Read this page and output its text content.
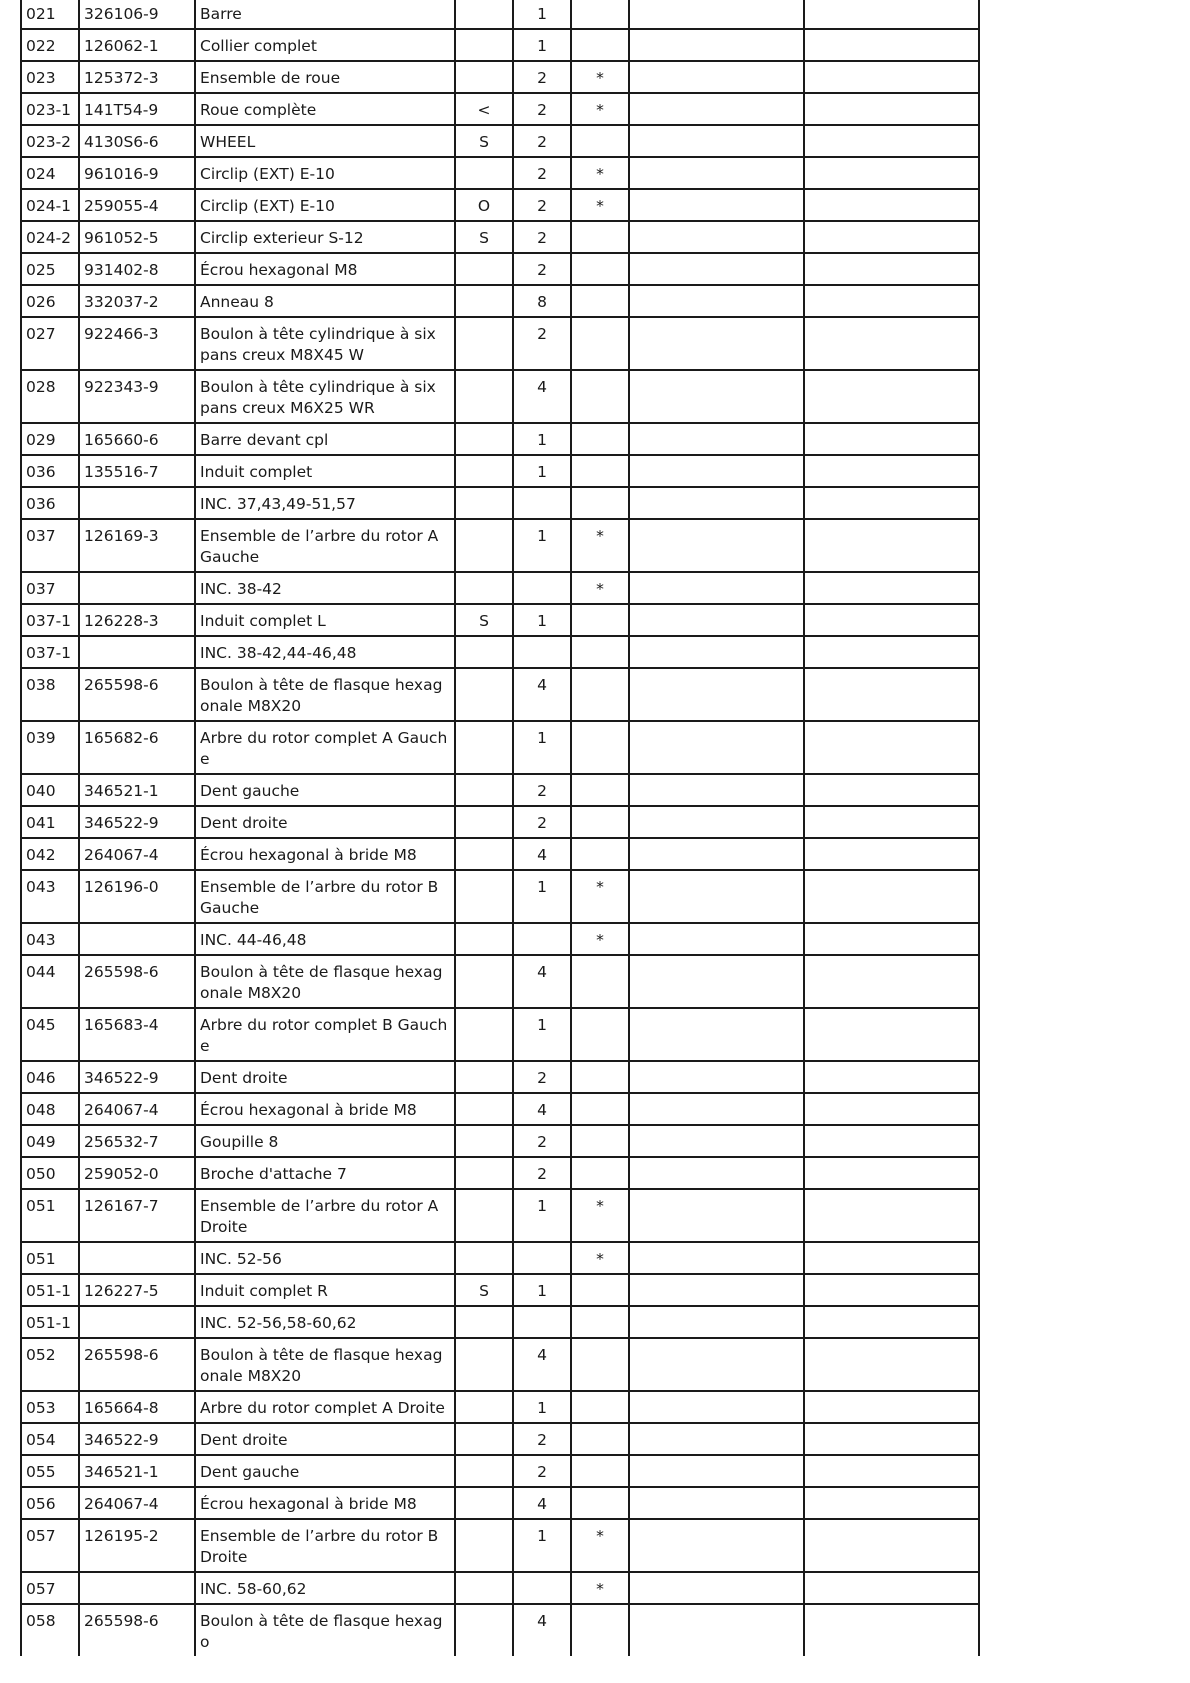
021	326106-9	Barre		1			
022	126062-1	Collier complet		1			
023	125372-3	Ensemble de roue		2	*		
023-1	141T54-9	Roue complète	<	2	*		
023-2	4130S6-6	WHEEL	S	2			
024	961016-9	Circlip (EXT) E-10		2	*		
024-1	259055-4	Circlip (EXT) E-10	O	2	*		
024-2	961052-5	Circlip exterieur S-12	S	2			
025	931402-8	Écrou hexagonal M8		2			
026	332037-2	Anneau 8		8			
027	922466-3	Boulon à tête cylindrique à six pans creux M8X45 W		2			
028	922343-9	Boulon à tête cylindrique à six pans creux M6X25 WR		4			
029	165660-6	Barre devant cpl		1			
036	135516-7	Induit complet		1			
036		INC. 37,43,49-51,57					
037	126169-3	Ensemble de l’arbre du rotor A Gauche		1	*		
037		INC. 38-42			*		
037-1	126228-3	Induit complet L	S	1			
037-1		INC. 38-42,44-46,48					
038	265598-6	Boulon à tête de flasque hexagonale M8X20		4			
039	165682-6	Arbre du rotor complet A Gauche		1			
040	346521-1	Dent gauche		2			
041	346522-9	Dent droite		2			
042	264067-4	Écrou hexagonal à bride M8		4			
043	126196-0	Ensemble de l’arbre du rotor B Gauche		1	*		
043		INC. 44-46,48			*		
044	265598-6	Boulon à tête de flasque hexagonale M8X20		4			
045	165683-4	Arbre du rotor complet B Gauche		1			
046	346522-9	Dent droite		2			
048	264067-4	Écrou hexagonal à bride M8		4			
049	256532-7	Goupille 8		2			
050	259052-0	Broche d'attache 7		2			
051	126167-7	Ensemble de l’arbre du rotor A Droite		1	*		
051		INC. 52-56			*		
051-1	126227-5	Induit complet R	S	1			
051-1		INC. 52-56,58-60,62					
052	265598-6	Boulon à tête de flasque hexagonale M8X20		4			
053	165664-8	Arbre du rotor complet A Droite		1			
054	346522-9	Dent droite		2			
055	346521-1	Dent gauche		2			
056	264067-4	Écrou hexagonal à bride M8		4			
057	126195-2	Ensemble de l’arbre du rotor B Droite		1	*		
057		INC. 58-60,62			*		
058	265598-6	Boulon à tête de flasque hexago		4			
